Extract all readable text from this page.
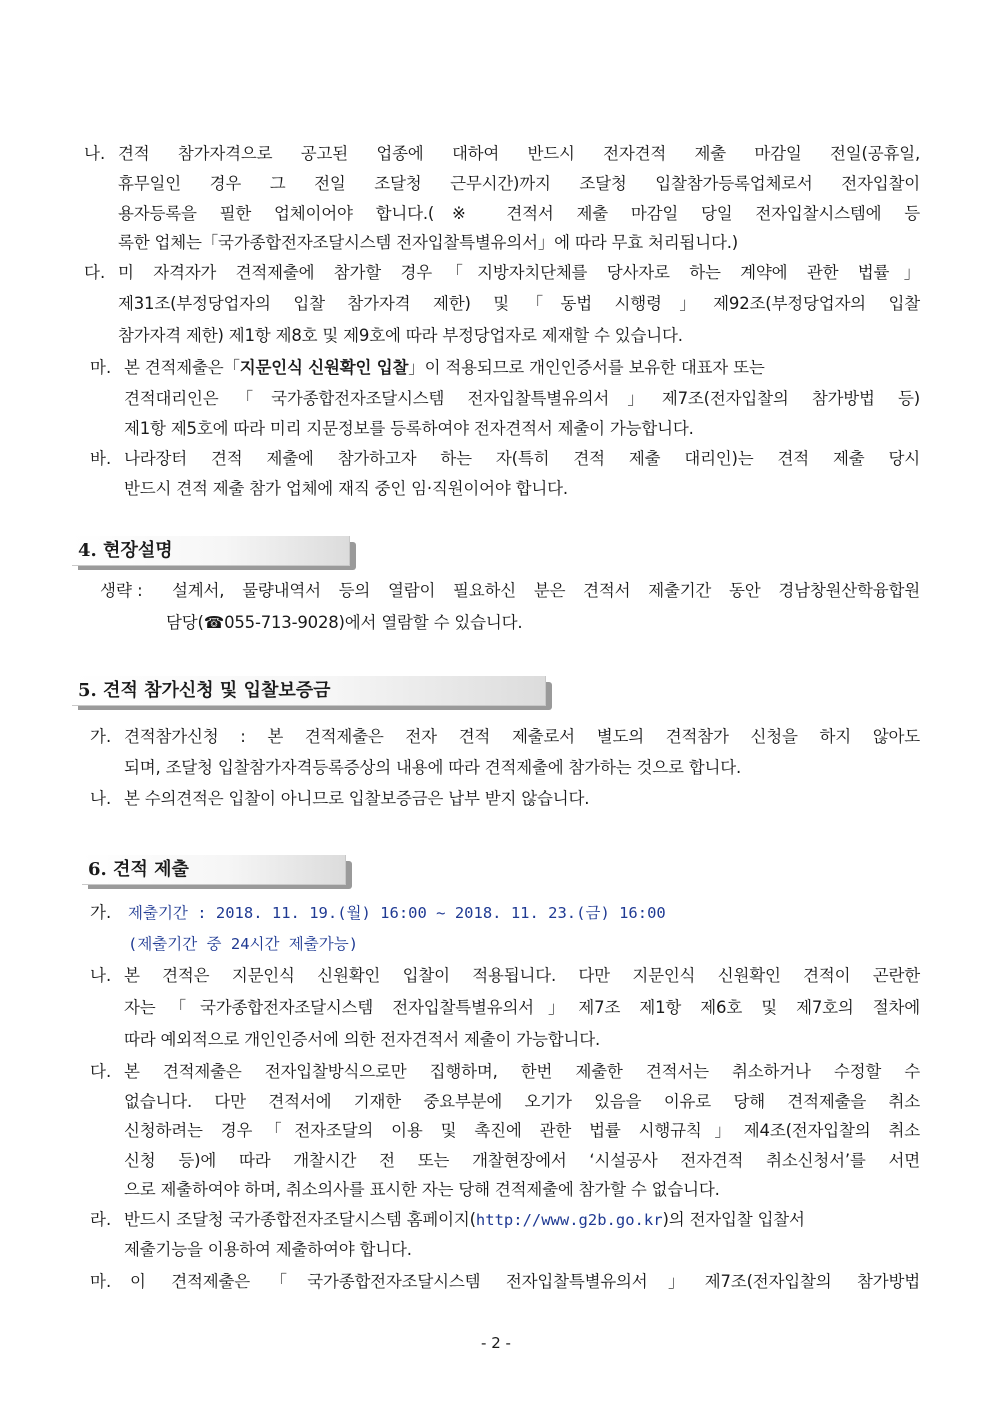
나. 견적 참가자격으로 공고된 업종에 대하여 반드시 전자견적 제출 마감일 전일(공휴일,
휴무일인 경우 그 전일 조달청 근무시간)까지 조달청 입찰참가등록업체로서 전자입찰이
용자등록을 필한 업체이어야 합니다.(※ 견적서 제출 마감일 당일 전자입찰시스템에 등
록한 업체는「국가종합전자조달시스템 전자입찰특별유의서」에 따라 무효 처리됩니다.)
다. 미 자격자가 견적제출에 참가할 경우「지방자치단체를 당사자로 하는 계약에 관한 법률」
제31조(부정당업자의 입찰 참가자격 제한) 및「동법 시행령」제92조(부정당업자의 입찰
참가자격 제한) 제1항 제8호 및 제9호에 따라 부정당업자로 제재할 수 있습니다.
마. 본 견적제출은「지문인식 신원확인 입찰」이 적용되므로 개인인증서를 보유한 대표자 또는
견적대리인은「국가종합전자조달시스템 전자입찰특별유의서」제7조(전자입찰의 참가방법 등)
제1항 제5호에 따라 미리 지문정보를 등록하여야 전자견적서 제출이 가능합니다.
바. 나라장터 견적 제출에 참가하고자 하는 자(특히 견적 제출 대리인)는 견적 제출 당시
반드시 견적 제출 참가 업체에 재직 중인 임·직원이어야 합니다.
4. 현장설명
생략 : 설계서, 물량내역서 등의 열람이 필요하신 분은 견적서 제출기간 동안 경남창원산학융합원
담당(☎055-713-9028)에서 열람할 수 있습니다.
5. 견적 참가신청 및 입찰보증금
가. 견적참가신청 : 본 견적제출은 전자 견적 제출로서 별도의 견적참가 신청을 하지 않아도
되며, 조달청 입찰참가자격등록증상의 내용에 따라 견적제출에 참가하는 것으로 합니다.
나. 본 수의견적은 입찰이 아니므로 입찰보증금은 납부 받지 않습니다.
6. 견적 제출
가. 제출기간 : 2018. 11. 19.(월) 16:00 ~ 2018. 11. 23.(금) 16:00
(제출기간 중 24시간 제출가능)
나. 본 견적은 지문인식 신원확인 입찰이 적용됩니다. 다만 지문인식 신원확인 견적이 곤란한
자는「국가종합전자조달시스템 전자입찰특별유의서」제7조 제1항 제6호 및 제7호의 절차에
따라 예외적으로 개인인증서에 의한 전자견적서 제출이 가능합니다.
다. 본 견적제출은 전자입찰방식으로만 집행하며, 한번 제출한 견적서는 취소하거나 수정할 수
없습니다. 다만 견적서에 기재한 중요부분에 오기가 있음을 이유로 당해 견적제출을 취소
신청하려는 경우「전자조달의 이용 및 촉진에 관한 법률 시행규칙」제4조(전자입찰의 취소
신청 등)에 따라 개찰시간 전 또는 개찰현장에서 ‘시설공사 전자견적 취소신청서’를 서면
으로 제출하여야 하며, 취소의사를 표시한 자는 당해 견적제출에 참가할 수 없습니다.
라. 반드시 조달청 국가종합전자조달시스템 홈페이지(http://www.g2b.go.kr)의 전자입찰 입찰서
제출기능을 이용하여 제출하여야 합니다.
마. 이 견적제출은「국가종합전자조달시스템 전자입찰특별유의서」제7조(전자입찰의 참가방법
- 2 -
